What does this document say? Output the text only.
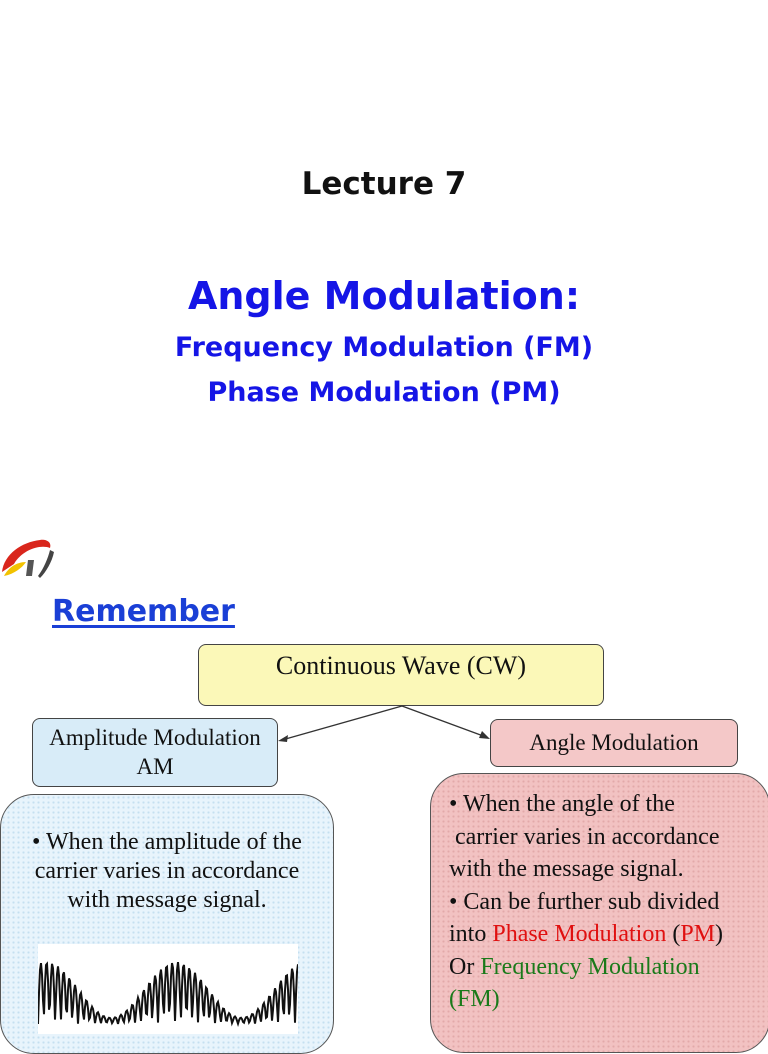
Lecture 7
Angle Modulation:
Frequency Modulation (FM)
Phase Modulation (PM)
Remember
Continuous Wave (CW)
Amplitude Modulation
AM
Angle Modulation
• When the amplitude of the
carrier varies in accordance
with message signal.
• When the angle of the
carrier varies in accordance
with the message signal.
• Can be further sub divided
into Phase Modulation (PM)
Or Frequency Modulation
(FM)
